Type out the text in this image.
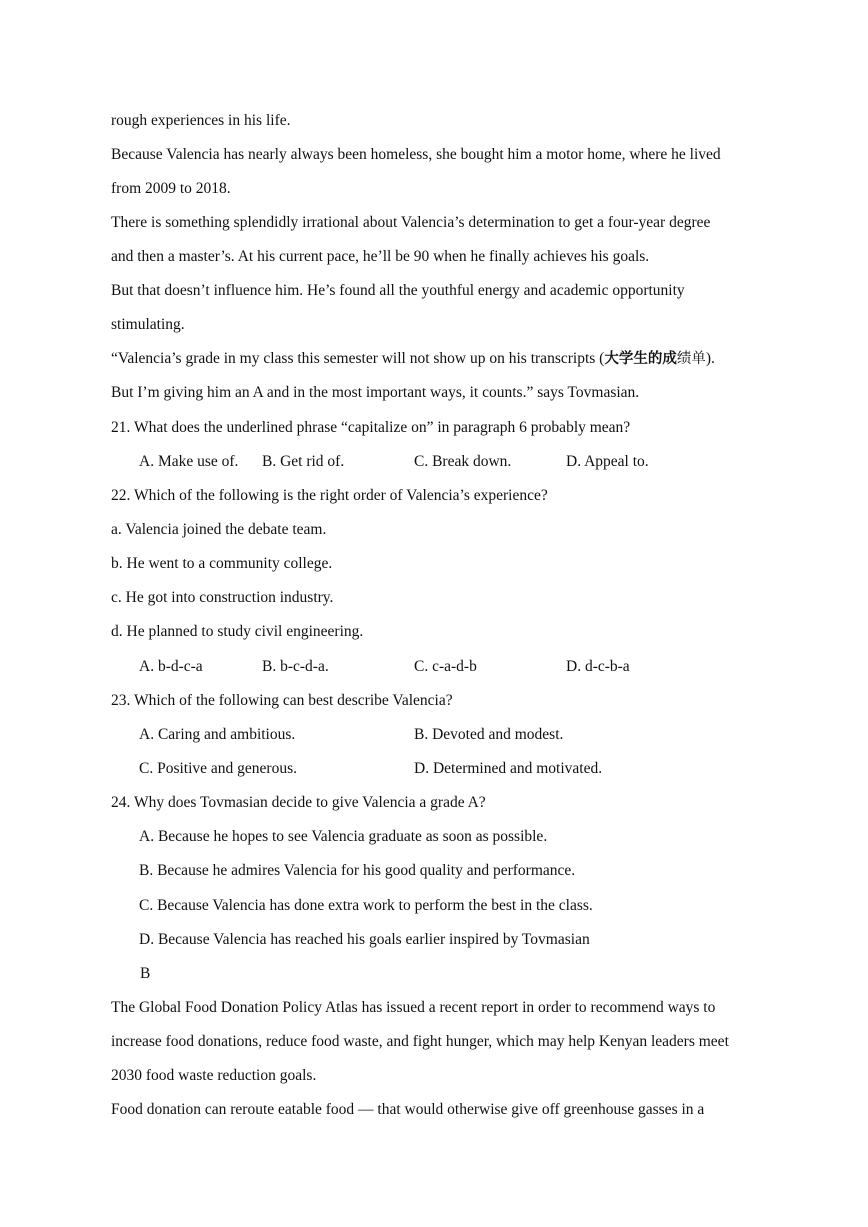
rough experiences in his life.
Because Valencia has nearly always been homeless, she bought him a motor home, where he lived
from 2009 to 2018.
There is something splendidly irrational about Valencia’s determination to get a four-year degree
and then a master’s. At his current pace, he’ll be 90 when he finally achieves his goals.
But that doesn’t influence him. He’s found all the youthful energy and academic opportunity
stimulating.
“Valencia’s grade in my class this semester will not show up on his transcripts (大学生的成绩单).
But I’m giving him an A and in the most important ways, it counts.” says Tovmasian.
21. What does the underlined phrase “capitalize on” in paragraph 6 probably mean?
A. Make use of. B. Get rid of.	C. Break down.	D. Appeal to.
22. Which of the following is the right order of Valencia’s experience?
a. Valencia joined the debate team.
b. He went to a community college.
c. He got into construction industry.
d. He planned to study civil engineering.
A. b-d-c-a	B. b-c-d-a.	C. c-a-d-b	D. d-c-b-a
23. Which of the following can best describe Valencia?
A. Caring and ambitious.	B. Devoted and modest.
C. Positive and generous.	D. Determined and motivated.
24. Why does Tovmasian decide to give Valencia a grade A?
A. Because he hopes to see Valencia graduate as soon as possible.
B. Because he admires Valencia for his good quality and performance.
C. Because Valencia has done extra work to perform the best in the class.
D. Because Valencia has reached his goals earlier inspired by Tovmasian
B
The Global Food Donation Policy Atlas has issued a recent report in order to recommend ways to
increase food donations, reduce food waste, and fight hunger, which may help Kenyan leaders meet
2030 food waste reduction goals.
Food donation can reroute eatable food — that would otherwise give off greenhouse gasses in a
